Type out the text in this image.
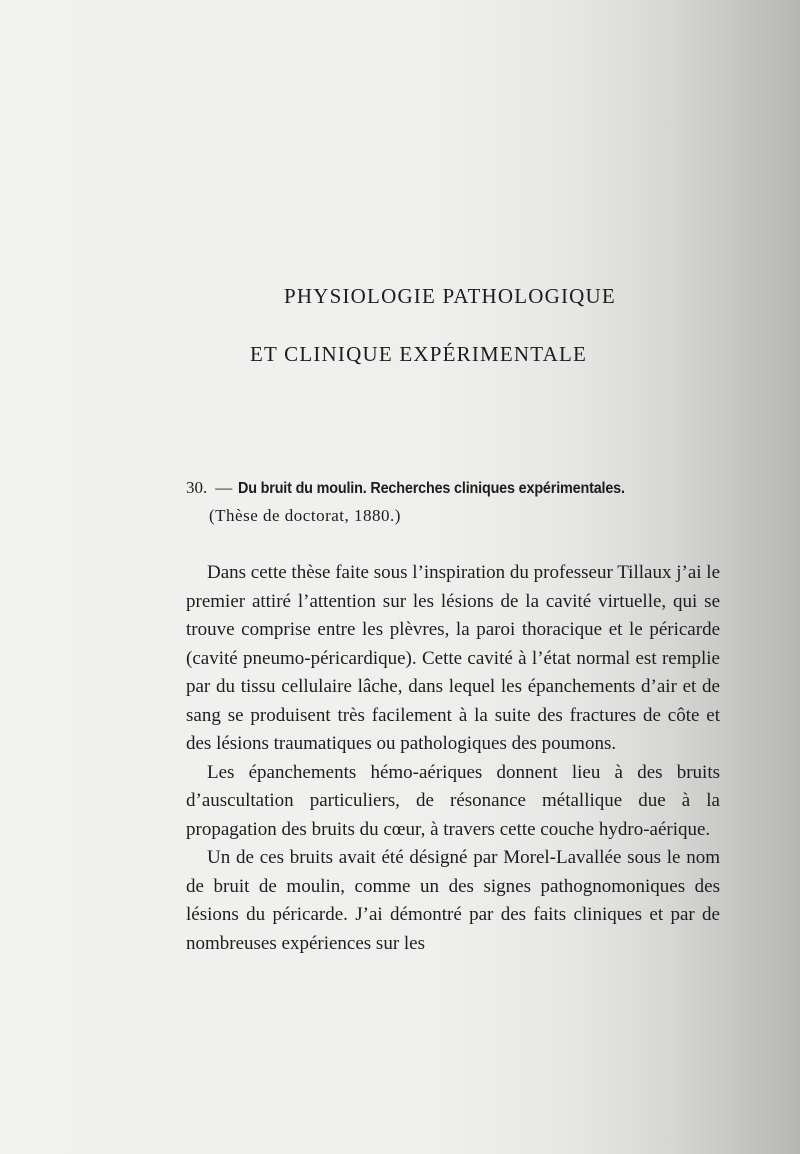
PHYSIOLOGIE PATHOLOGIQUE
ET CLINIQUE EXPÉRIMENTALE
30. — Du bruit du moulin. Recherches cliniques expérimentales.
(Thèse de doctorat, 1880.)

Dans cette thèse faite sous l’inspiration du professeur Tillaux j’ai le premier attiré l’attention sur les lésions de la cavité virtuelle, qui se trouve comprise entre les plèvres, la paroi thoracique et le péricarde (cavité pneumo-péricardique). Cette cavité à l’état normal est remplie par du tissu cellulaire lâche, dans lequel les épanchements d’air et de sang se produisent très facilement à la suite des fractures de côte et des lésions traumatiques ou pathologiques des poumons.

Les épanchements hémo-aériques donnent lieu à des bruits d’auscultation particuliers, de résonance métallique due à la propagation des bruits du cœur, à travers cette couche hydro-aérique.

Un de ces bruits avait été désigné par Morel-Lavallée sous le nom de bruit de moulin, comme un des signes pathognomoniques des lésions du péricarde. J’ai démontré par des faits cliniques et par de nombreuses expériences sur les
